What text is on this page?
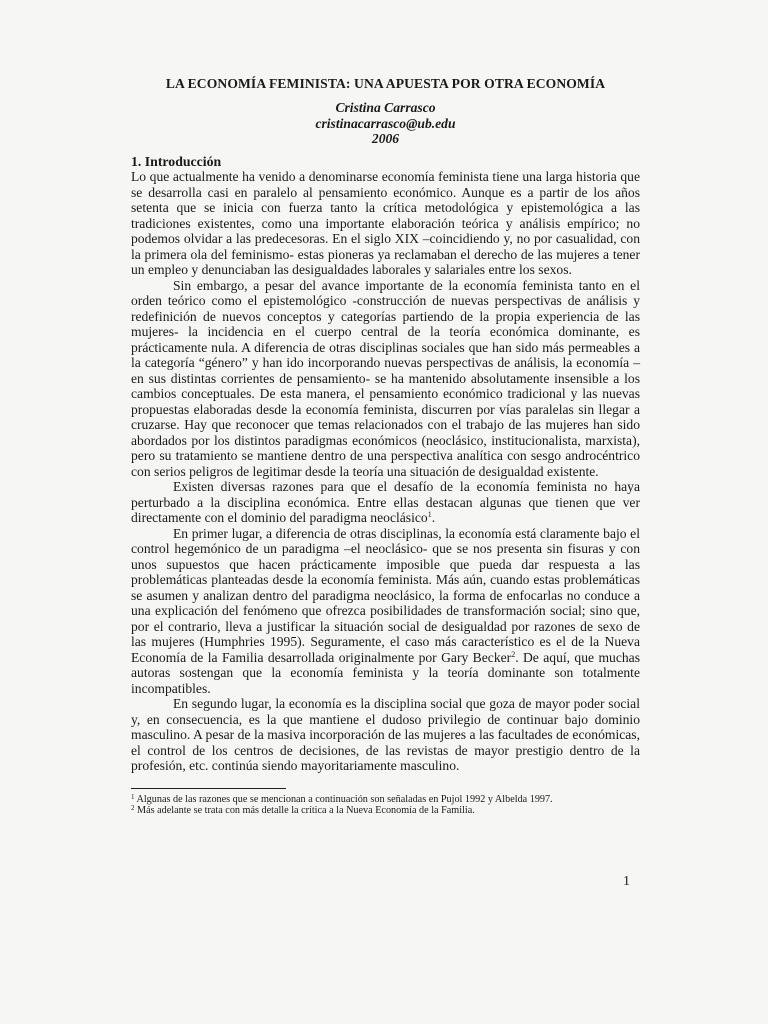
LA ECONOMÍA FEMINISTA: UNA APUESTA POR OTRA ECONOMÍA
Cristina Carrasco
cristinacarrasco@ub.edu
2006
1. Introducción

Lo que actualmente ha venido a denominarse economía feminista tiene una larga historia que se desarrolla casi en paralelo al pensamiento económico. Aunque es a partir de los años setenta que se inicia con fuerza tanto la crítica metodológica y epistemológica a las tradiciones existentes, como una importante elaboración teórica y análisis empírico; no podemos olvidar a las predecesoras. En el siglo XIX –coincidiendo y, no por casualidad, con la primera ola del feminismo- estas pioneras ya reclamaban el derecho de las mujeres a tener un empleo y denunciaban las desigualdades laborales y salariales entre los sexos.

Sin embargo, a pesar del avance importante de la economía feminista tanto en el orden teórico como el epistemológico -construcción de nuevas perspectivas de análisis y redefinición de nuevos conceptos y categorías partiendo de la propia experiencia de las mujeres- la incidencia en el cuerpo central de la teoría económica dominante, es prácticamente nula. A diferencia de otras disciplinas sociales que han sido más permeables a la categoría “género” y han ido incorporando nuevas perspectivas de análisis, la economía –en sus distintas corrientes de pensamiento- se ha mantenido absolutamente insensible a los cambios conceptuales. De esta manera, el pensamiento económico tradicional y las nuevas propuestas elaboradas desde la economía feminista, discurren por vías paralelas sin llegar a cruzarse. Hay que reconocer que temas relacionados con el trabajo de las mujeres han sido abordados por los distintos paradigmas económicos (neoclásico, institucionalista, marxista), pero su tratamiento se mantiene dentro de una perspectiva analítica con sesgo androcéntrico con serios peligros de legitimar desde la teoría una situación de desigualdad existente.

Existen diversas razones para que el desafío de la economía feminista no haya perturbado a la disciplina económica. Entre ellas destacan algunas que tienen que ver directamente con el dominio del paradigma neoclásico$^1$.

En primer lugar, a diferencia de otras disciplinas, la economía está claramente bajo el control hegemónico de un paradigma –el neoclásico- que se nos presenta sin fisuras y con unos supuestos que hacen prácticamente imposible que pueda dar respuesta a las problemáticas planteadas desde la economía feminista. Más aún, cuando estas problemáticas se asumen y analizan dentro del paradigma neoclásico, la forma de enfocarlas no conduce a una explicación del fenómeno que ofrezca posibilidades de transformación social; sino que, por el contrario, lleva a justificar la situación social de desigualdad por razones de sexo de las mujeres (Humphries 1995). Seguramente, el caso más característico es el de la Nueva Economía de la Familia desarrollada originalmente por Gary Becker$^2$. De aquí, que muchas autoras sostengan que la economía feminista y la teoría dominante son totalmente incompatibles.

En segundo lugar, la economía es la disciplina social que goza de mayor poder social y, en consecuencia, es la que mantiene el dudoso privilegio de continuar bajo dominio masculino. A pesar de la masiva incorporación de las mujeres a las facultades de económicas, el control de los centros de decisiones, de las revistas de mayor prestigio dentro de la profesión, etc. continúa siendo mayoritariamente masculino.

$^1$ Algunas de las razones que se mencionan a continuación son señaladas en Pujol 1992 y Albelda 1997.

$^2$ Más adelante se trata con más detalle la crítica a la Nueva Economía de la Familia.

1
